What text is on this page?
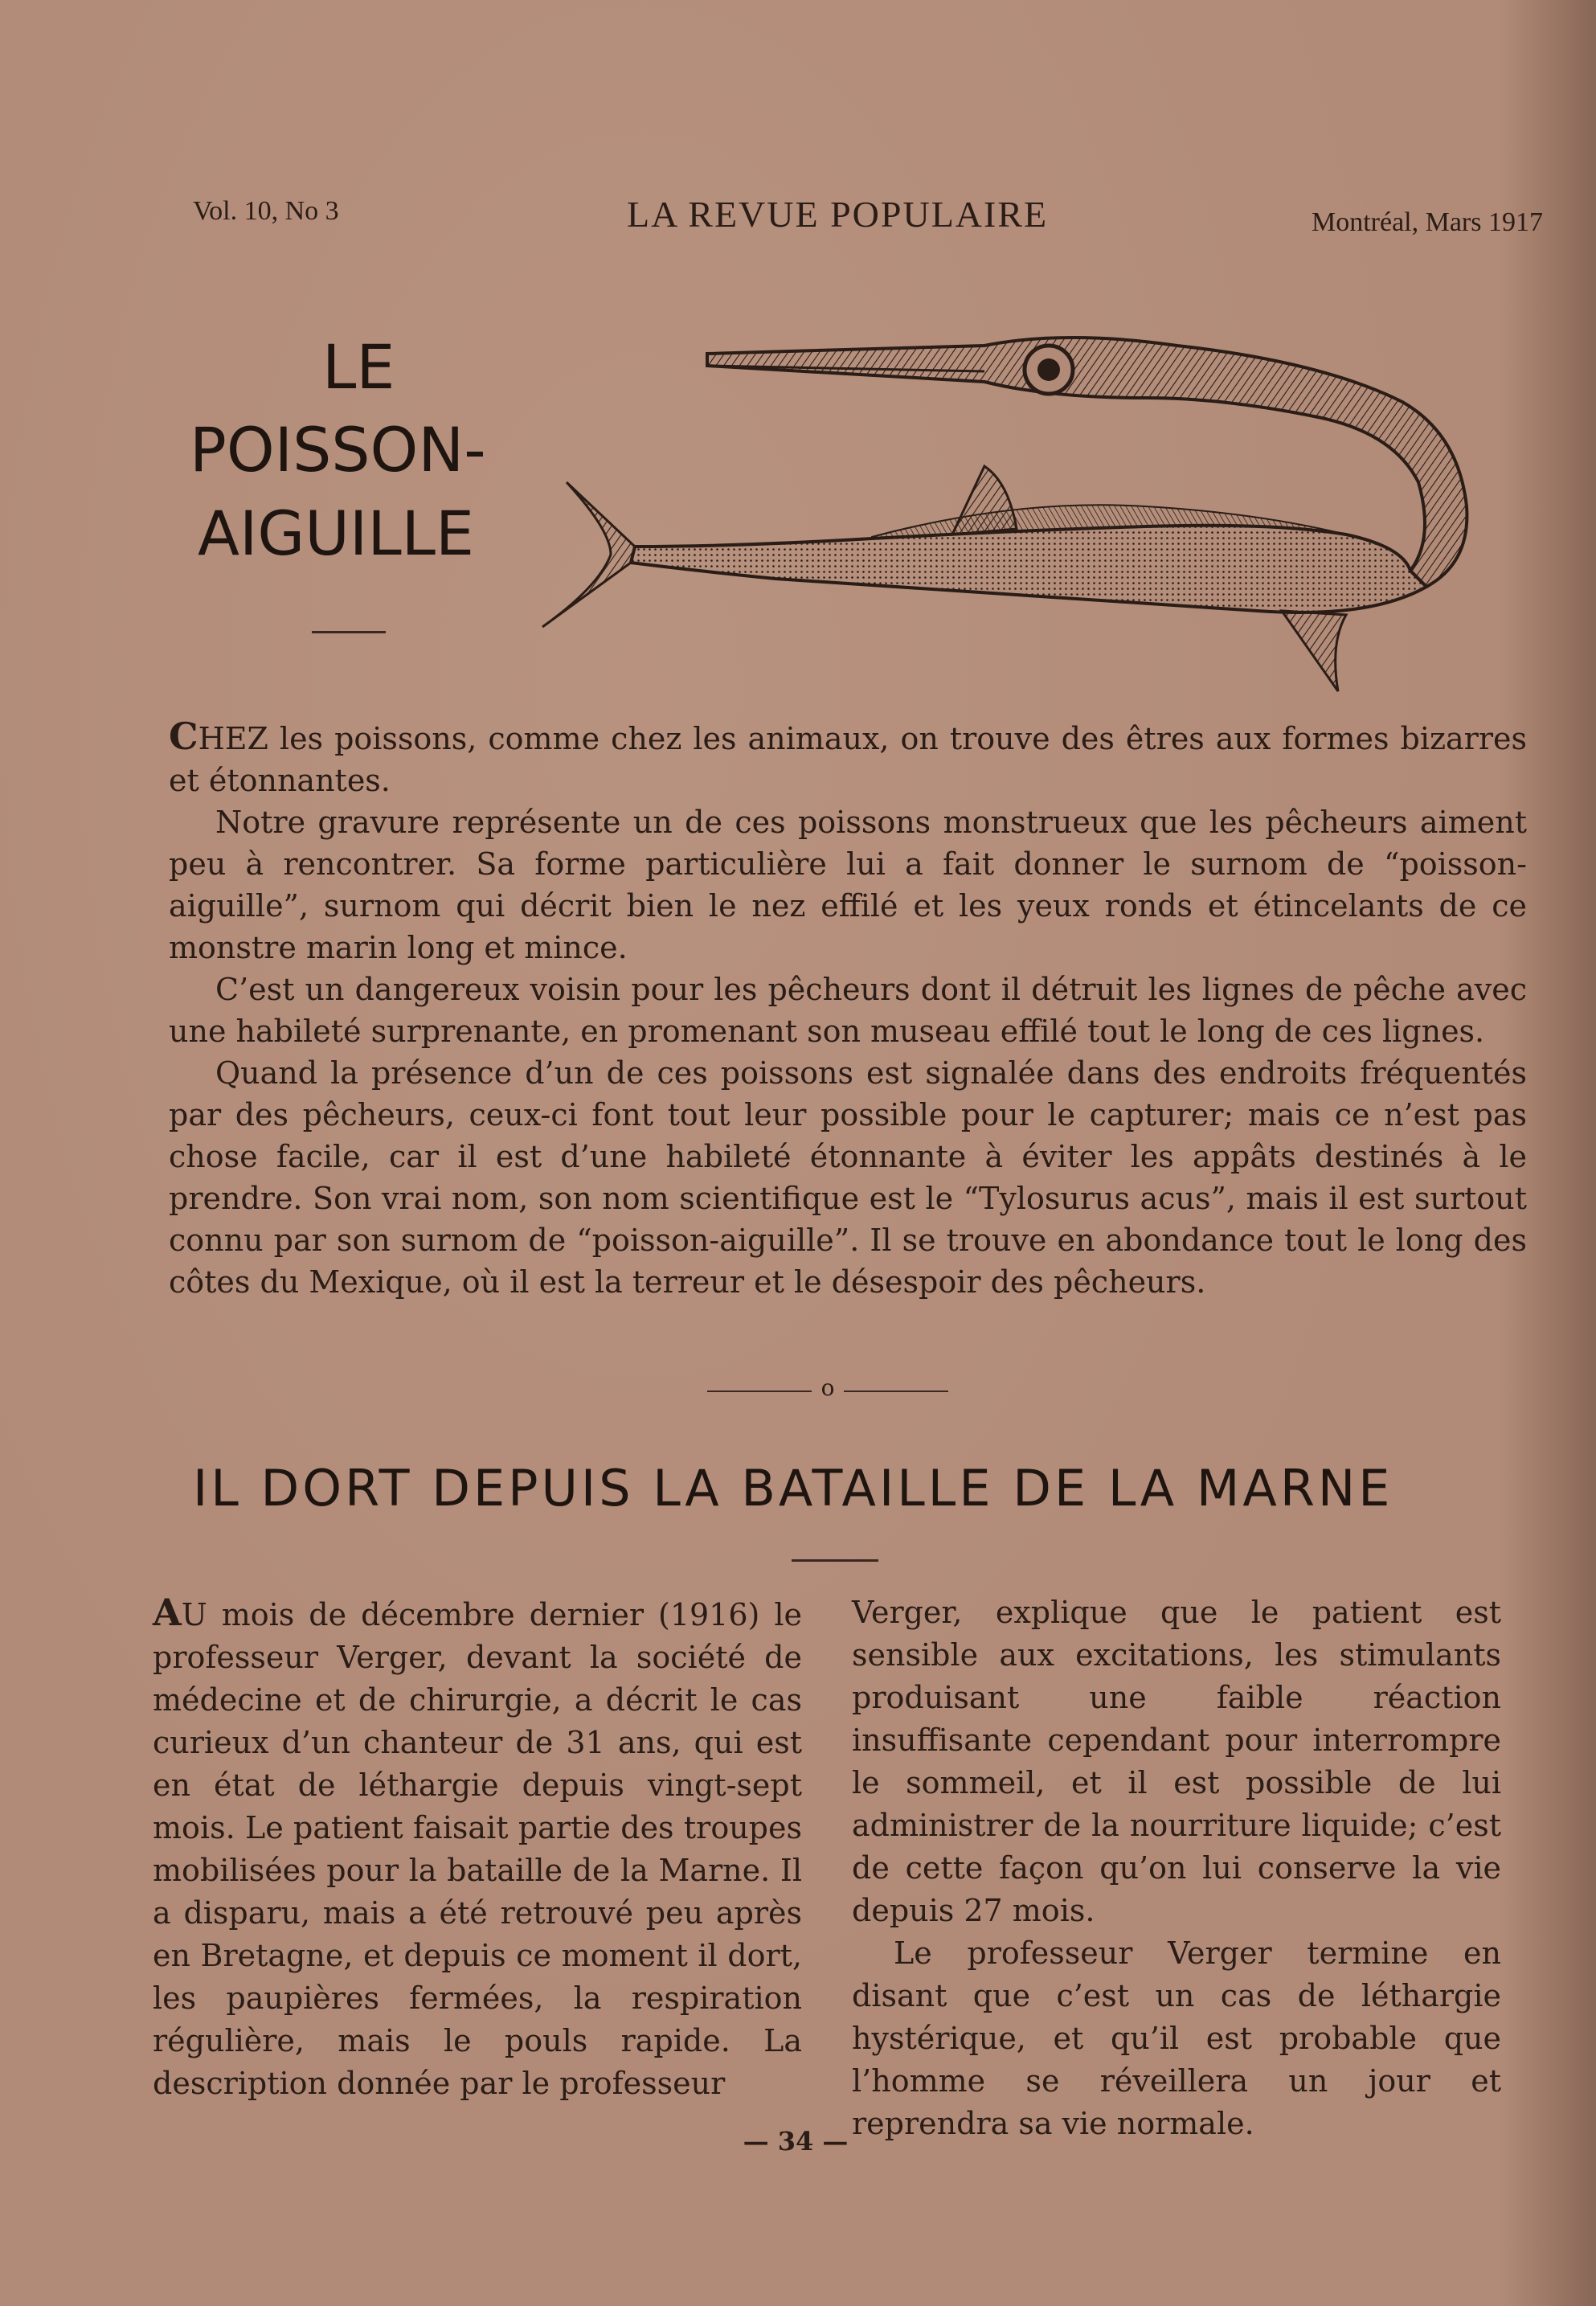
Vol. 10, No 3	LA REVUE POPULAIRE	Montréal, Mars 1917
LE
POISSON-
AIGUILLE

CHEZ les poissons, comme chez les animaux, on trouve des êtres aux formes bizarres et étonnantes.

Notre gravure représente un de ces poissons monstrueux que les pêcheurs aiment peu à rencontrer. Sa forme particulière lui a fait donner le surnom de “poisson-aiguille”, surnom qui décrit bien le nez effilé et les yeux ronds et étincelants de ce monstre marin long et mince.

C’est un dangereux voisin pour les pêcheurs dont il détruit les lignes de pêche avec une habileté surprenante, en promenant son museau effilé tout le long de ces lignes.

Quand la présence d’un de ces poissons est signalée dans des endroits fréquentés par des pêcheurs, ceux-ci font tout leur possible pour le capturer; mais ce n’est pas chose facile, car il est d’une habileté étonnante à éviter les appâts destinés à le prendre. Son vrai nom, son nom scientifique est le “Tylosurus acus”, mais il est surtout connu par son surnom de “poisson-aiguille”. Il se trouve en abondance tout le long des côtes du Mexique, où il est la terreur et le désespoir des pêcheurs.

o
IL DORT DEPUIS LA BATAILLE DE LA MARNE

AU mois de décembre dernier (1916) le professeur Verger, devant la société de médecine et de chirurgie, a décrit le cas curieux d’un chanteur de 31 ans, qui est en état de léthargie depuis vingt-sept mois. Le patient faisait partie des troupes mobilisées pour la bataille de la Marne. Il a disparu, mais a été retrouvé peu après en Bretagne, et depuis ce moment il dort, les paupières fermées, la respiration régulière, mais le pouls rapide. La description donnée par le professeur

Verger, explique que le patient est sensible aux excitations, les stimulants produisant une faible réaction insuffisante cependant pour interrompre le sommeil, et il est possible de lui administrer de la nourriture liquide; c’est de cette façon qu’on lui conserve la vie depuis 27 mois.

Le professeur Verger termine en disant que c’est un cas de léthargie hystérique, et qu’il est probable que l’homme se réveillera un jour et reprendra sa vie normale.

— 34 —
